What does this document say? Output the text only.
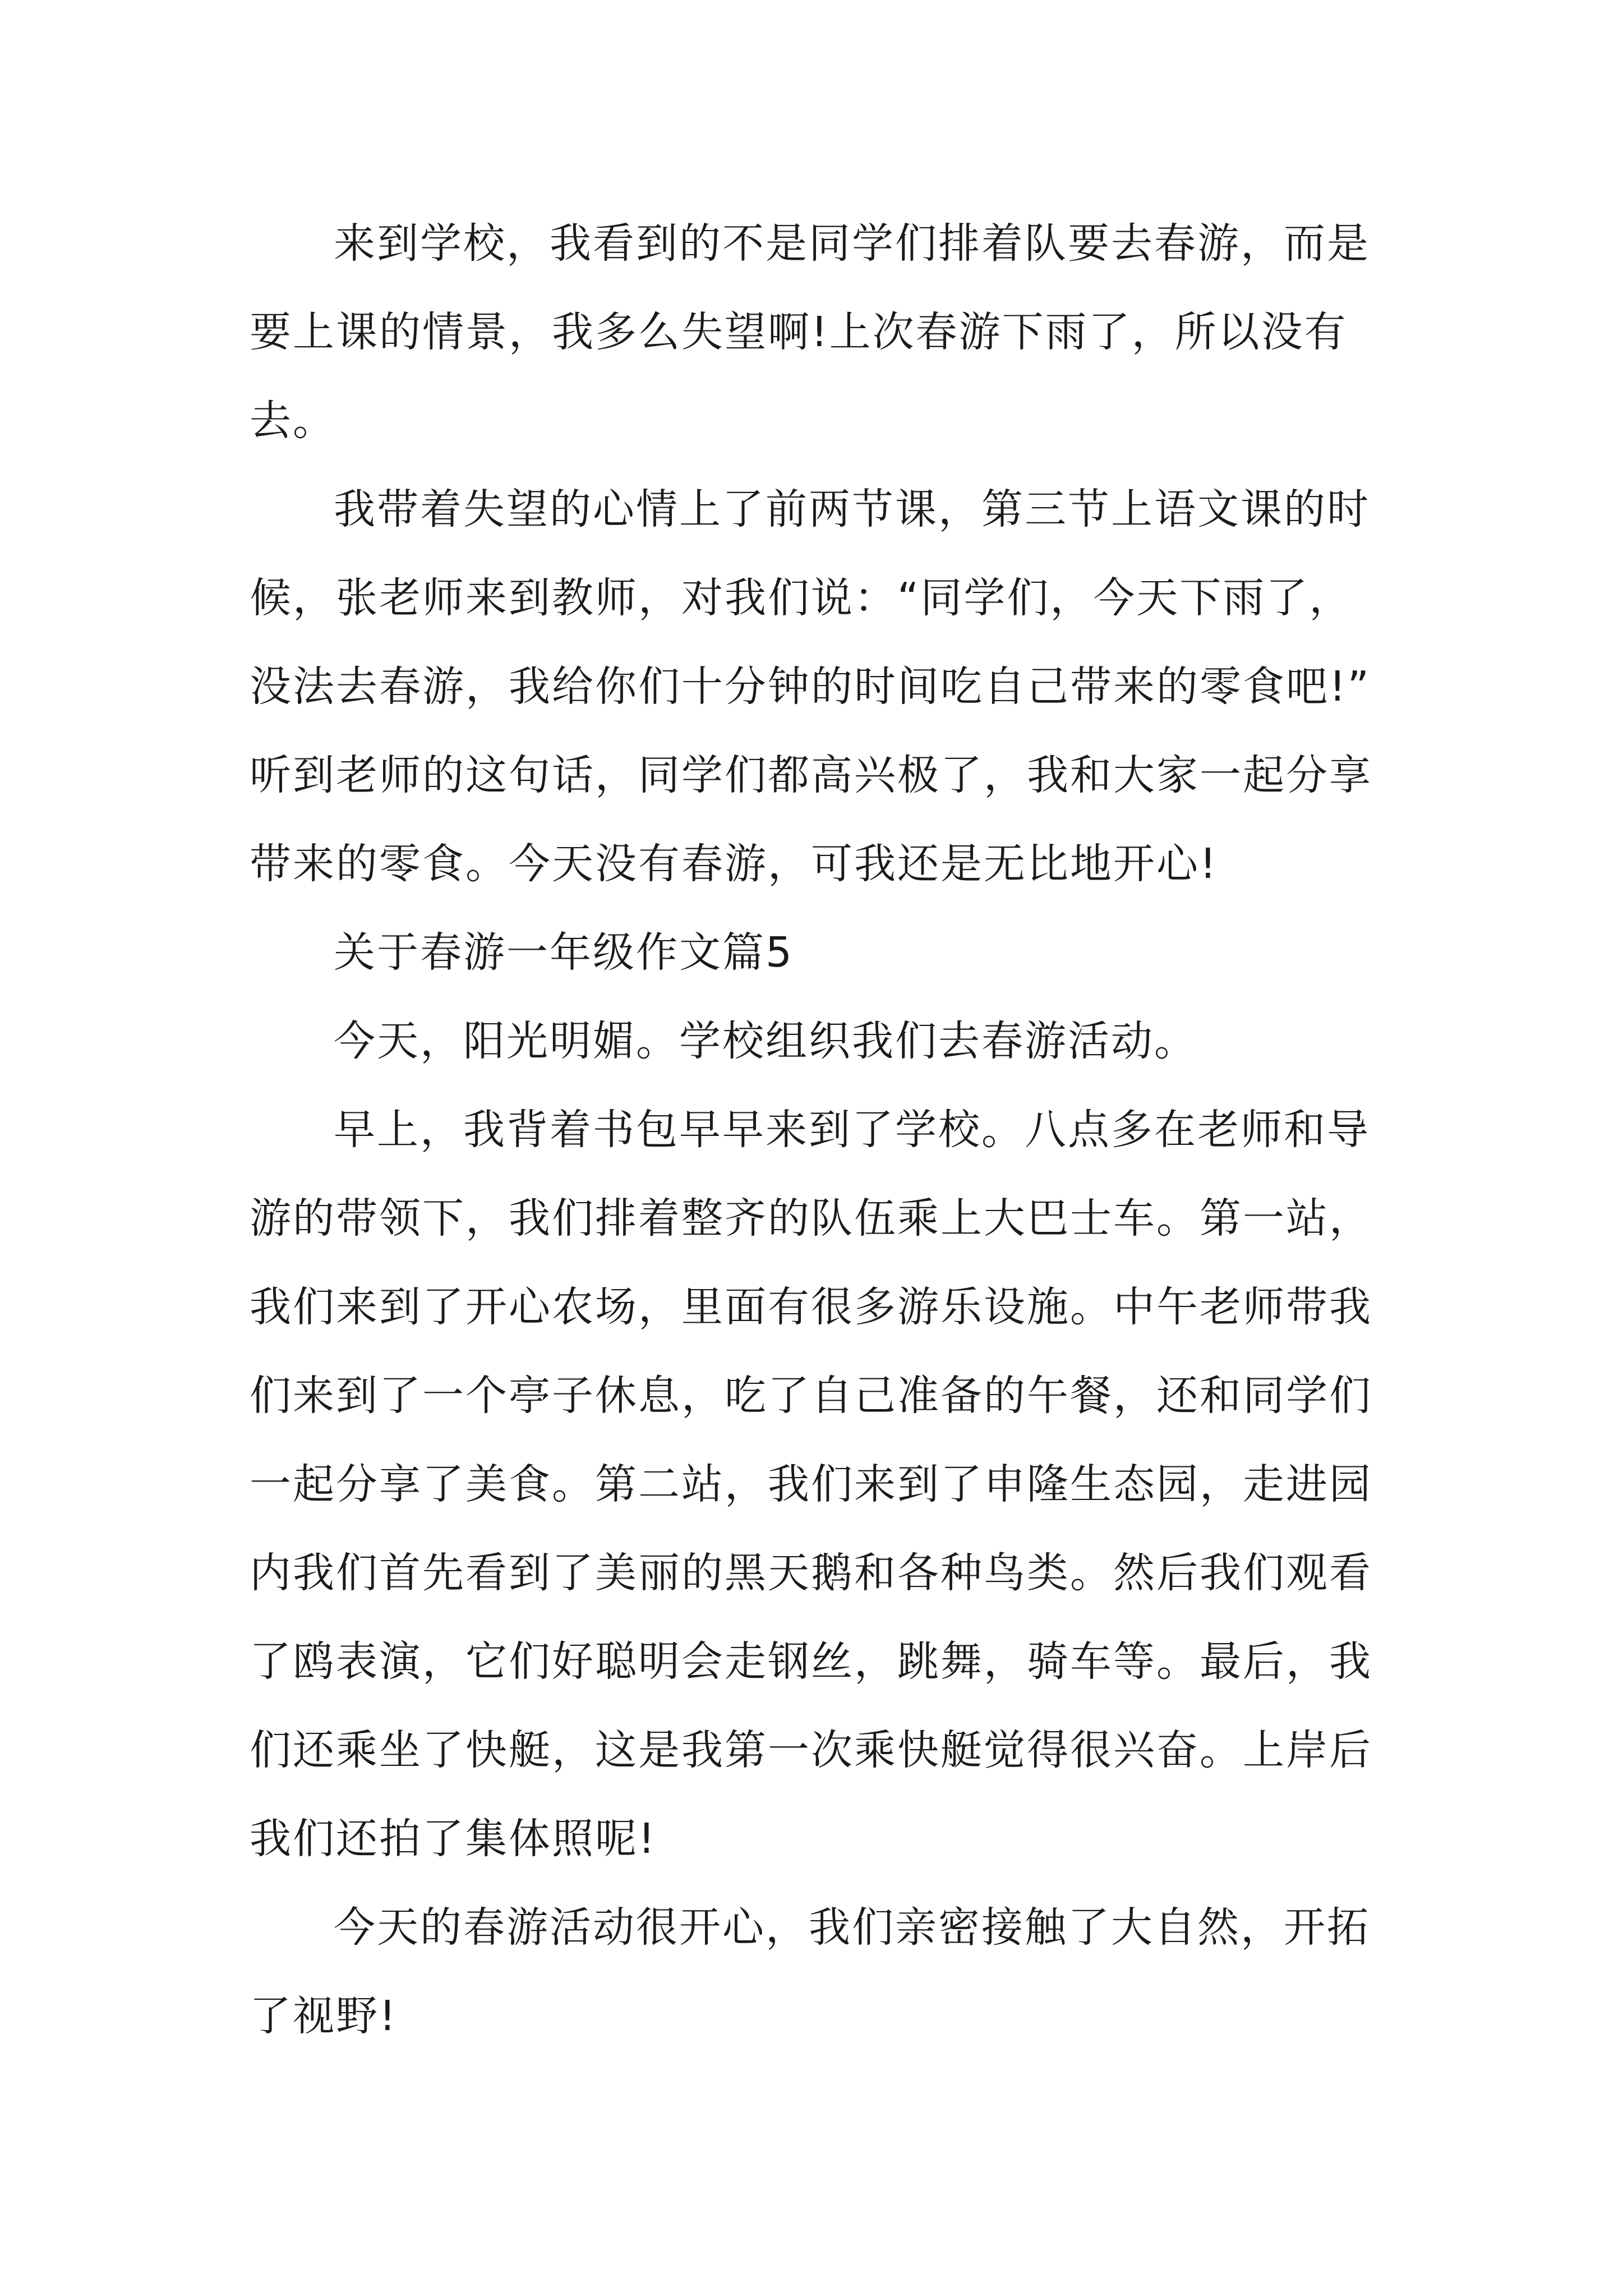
来到学校，我看到的不是同学们排着队要去春游，而是
要上课的情景，我多么失望啊!上次春游下雨了，所以没有
去。
我带着失望的心情上了前两节课，第三节上语文课的时
候，张老师来到教师，对我们说：“同学们，今天下雨了，
没法去春游，我给你们十分钟的时间吃自己带来的零食吧!”
听到老师的这句话，同学们都高兴极了，我和大家一起分享
带来的零食。今天没有春游，可我还是无比地开心!
关于春游一年级作文篇5
今天，阳光明媚。学校组织我们去春游活动。
早上，我背着书包早早来到了学校。八点多在老师和导
游的带领下，我们排着整齐的队伍乘上大巴士车。第一站，
我们来到了开心农场，里面有很多游乐设施。中午老师带我
们来到了一个亭子休息，吃了自己准备的午餐，还和同学们
一起分享了美食。第二站，我们来到了申隆生态园，走进园
内我们首先看到了美丽的黑天鹅和各种鸟类。然后我们观看
了鸥表演，它们好聪明会走钢丝，跳舞，骑车等。最后，我
们还乘坐了快艇，这是我第一次乘快艇觉得很兴奋。上岸后
我们还拍了集体照呢!
今天的春游活动很开心，我们亲密接触了大自然，开拓
了视野!
